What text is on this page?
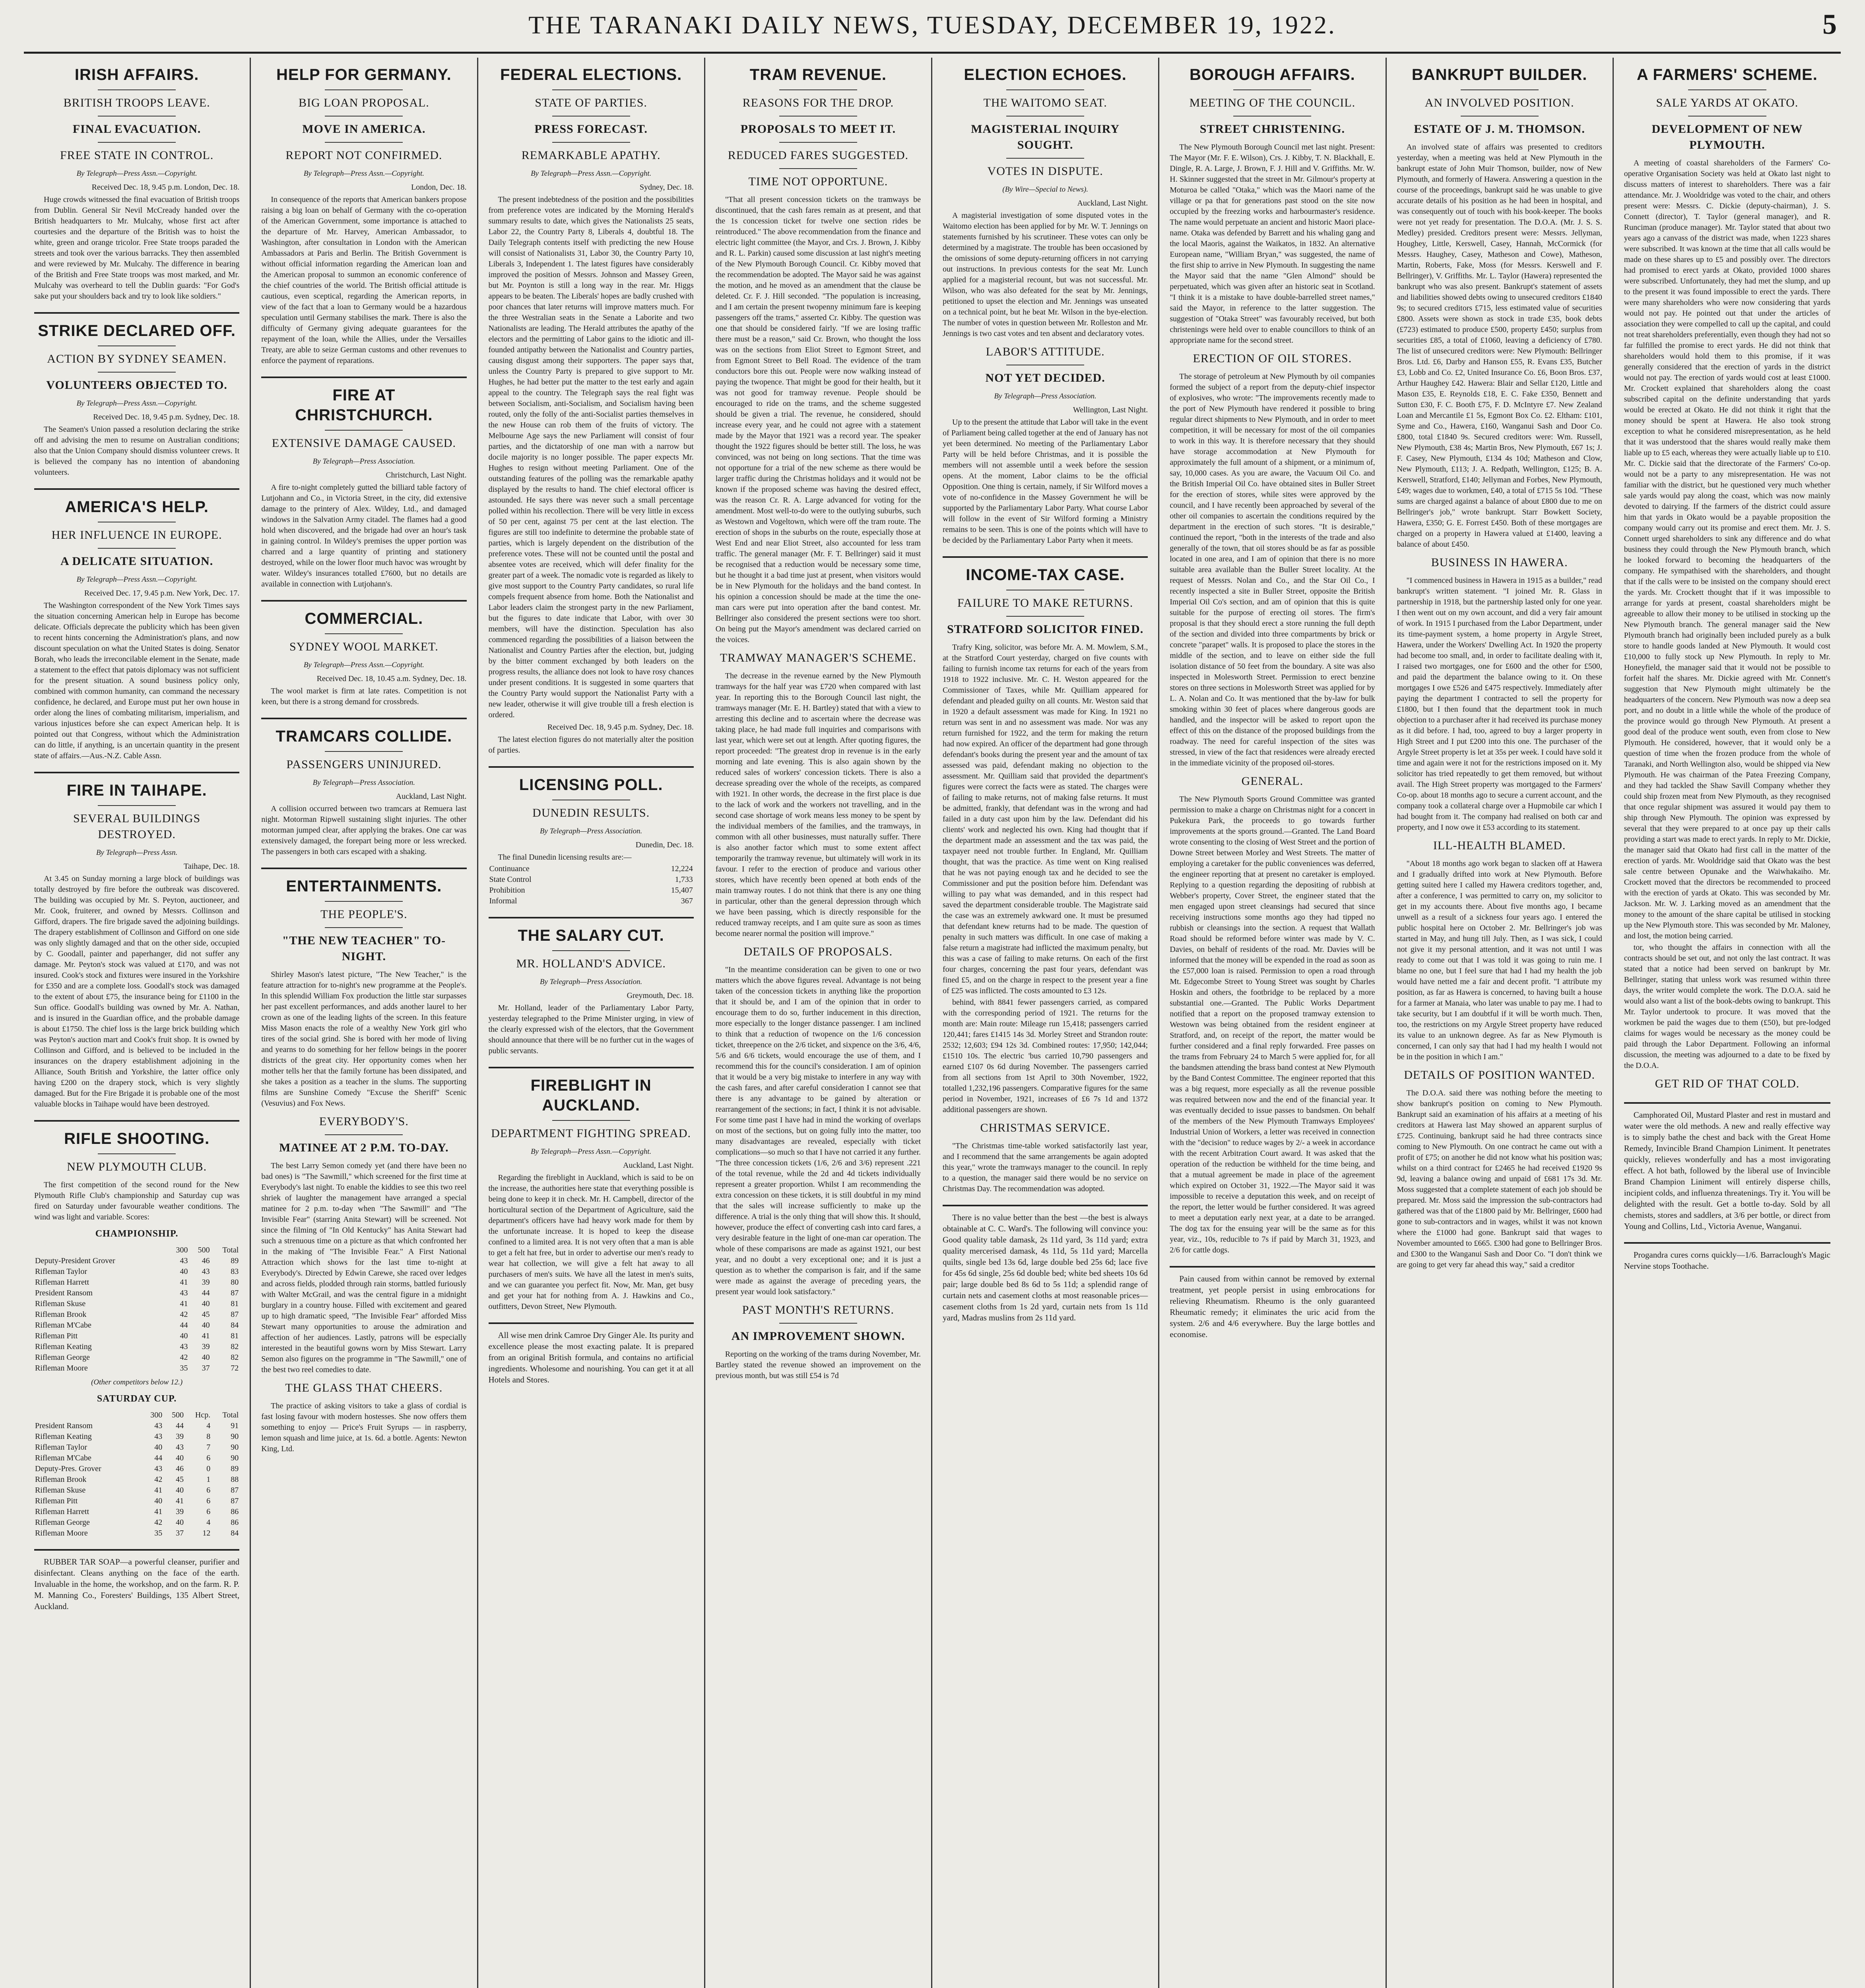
THE TARANAKI DAILY NEWS, TUESDAY, DECEMBER 19, 1922.	5
IRISH AFFAIRS.
BRITISH TROOPS LEAVE.
FINAL EVACUATION.
FREE STATE IN CONTROL.
By Telegraph—Press Assn.—Copyright.
Received Dec. 18, 9.45 p.m. London, Dec. 18.

Huge crowds witnessed the final evacuation of British troops from Dublin. General Sir Nevil McCready handed over the British headquarters to Mr. Mulcahy, whose first act after courtesies and the departure of the British was to hoist the white, green and orange tricolor. Free State troops paraded the streets and took over the various barracks. They then assembled and were reviewed by Mr. Mulcahy. The difference in bearing of the British and Free State troops was most marked, and Mr. Mulcahy was overheard to tell the Dublin guards: "For God's sake put your shoulders back and try to look like soldiers."

STRIKE DECLARED OFF.
ACTION BY SYDNEY SEAMEN.
VOLUNTEERS OBJECTED TO.
By Telegraph—Press Assn.—Copyright.
Received Dec. 18, 9.45 p.m. Sydney, Dec. 18.

The Seamen's Union passed a resolution declaring the strike off and advising the men to resume on Australian conditions; also that the Union Company should dismiss volunteer crews. It is believed the company has no intention of abandoning volunteers.

AMERICA'S HELP.
HER INFLUENCE IN EUROPE.
A DELICATE SITUATION.
By Telegraph—Press Assn.—Copyright.
Received Dec. 17, 9.45 p.m. New York, Dec. 17.

The Washington correspondent of the New York Times says the situation concerning American help in Europe has become delicate. Officials deprecate the publicity which has been given to recent hints concerning the Administration's plans, and now discount speculation on what the United States is doing. Senator Borah, who leads the irreconcilable element in the Senate, made a statement to the effect that patois diplomacy was not sufficient for the present situation. A sound business policy only, combined with common humanity, can command the necessary confidence, he declared, and Europe must put her own house in order along the lines of combating militarism, imperialism, and various injustices before she can expect American help. It is pointed out that Congress, without which the Administration can do little, if anything, is an uncertain quantity in the present state of affairs.—Aus.-N.Z. Cable Assn.

FIRE IN TAIHAPE.
SEVERAL BUILDINGS DESTROYED.
By Telegraph—Press Assn.
Taihape, Dec. 18.

At 3.45 on Sunday morning a large block of buildings was totally destroyed by fire before the outbreak was discovered. The building was occupied by Mr. S. Peyton, auctioneer, and Mr. Cook, fruiterer, and owned by Messrs. Collinson and Gifford, drapers. The fire brigade saved the adjoining buildings. The drapery establishment of Collinson and Gifford on one side was only slightly damaged and that on the other side, occupied by C. Goodall, painter and paperhanger, did not suffer any damage. Mr. Peyton's stock was valued at £170, and was not insured. Cook's stock and fixtures were insured in the Yorkshire for £350 and are a complete loss. Goodall's stock was damaged to the extent of about £75, the insurance being for £1100 in the Sun office. Goodall's building was owned by Mr. A. Nathan, and is insured in the Guardian office, and the probable damage is about £1750. The chief loss is the large brick building which was Peyton's auction mart and Cook's fruit shop. It is owned by Collinson and Gifford, and is believed to be included in the insurances on the drapery establishment adjoining in the Alliance, South British and Yorkshire, the latter office only having £200 on the drapery stock, which is very slightly damaged. But for the Fire Brigade it is probable one of the most valuable blocks in Taihape would have been destroyed.

RIFLE SHOOTING.
NEW PLYMOUTH CLUB.

The first competition of the second round for the New Plymouth Rifle Club's championship and Saturday cup was fired on Saturday under favourable weather conditions. The wind was light and variable. Scores:

CHAMPIONSHIP.
	300	500	Total
Deputy-President Grover	43	46	89
Rifleman Taylor	40	43	83
Rifleman Harrett	41	39	80
President Ransom	43	44	87
Rifleman Skuse	41	40	81
Rifleman Brook	42	45	87
Rifleman M'Cabe	44	40	84
Rifleman Pitt	40	41	81
Rifleman Keating	43	39	82
Rifleman George	42	40	82
Rifleman Moore	35	37	72
(Other competitors below 12.)
SATURDAY CUP.
	300	500	Hcp.	Total
President Ransom	43	44	4	91
Rifleman Keating	43	39	8	90
Rifleman Taylor	40	43	7	90
Rifleman M'Cabe	44	40	6	90
Deputy-Pres. Grover	43	46	0	89
Rifleman Brook	42	45	1	88
Rifleman Skuse	41	40	6	87
Rifleman Pitt	40	41	6	87
Rifleman Harrett	41	39	6	86
Rifleman George	42	40	4	86
Rifleman Moore	35	37	12	84

RUBBER TAR SOAP—a powerful cleanser, purifier and disinfectant. Cleans anything on the face of the earth. Invaluable in the home, the workshop, and on the farm. R. P. M. Manning Co., Foresters' Buildings, 135 Albert Street, Auckland.

HELP FOR GERMANY.
BIG LOAN PROPOSAL.
MOVE IN AMERICA.
REPORT NOT CONFIRMED.
By Telegraph—Press Assn.—Copyright.
London, Dec. 18.

In consequence of the reports that American bankers propose raising a big loan on behalf of Germany with the co-operation of the American Government, some importance is attached to the departure of Mr. Harvey, American Ambassador, to Washington, after consultation in London with the American Ambassadors at Paris and Berlin. The British Government is without official information regarding the American loan and the American proposal to summon an economic conference of the chief countries of the world. The British official attitude is cautious, even sceptical, regarding the American reports, in view of the fact that a loan to Germany would be a hazardous speculation until Germany stabilises the mark. There is also the difficulty of Germany giving adequate guarantees for the repayment of the loan, while the Allies, under the Versailles Treaty, are able to seize German customs and other revenues to enforce the payment of reparations.

FIRE AT CHRISTCHURCH.
EXTENSIVE DAMAGE CAUSED.
By Telegraph—Press Association.
Christchurch, Last Night.

A fire to-night completely gutted the billiard table factory of Lutjohann and Co., in Victoria Street, in the city, did extensive damage to the printery of Alex. Wildey, Ltd., and damaged windows in the Salvation Army citadel. The flames had a good hold when discovered, and the brigade had over an hour's task in gaining control. In Wildey's premises the upper portion was charred and a large quantity of printing and stationery destroyed, while on the lower floor much havoc was wrought by water. Wildey's insurances totalled £7600, but no details are available in connection with Lutjohann's.

COMMERCIAL.
SYDNEY WOOL MARKET.
By Telegraph—Press Assn.—Copyright.
Received Dec. 18, 10.45 a.m. Sydney, Dec. 18.

The wool market is firm at late rates. Competition is not keen, but there is a strong demand for crossbreds.

TRAMCARS COLLIDE.
PASSENGERS UNINJURED.
By Telegraph—Press Association.
Auckland, Last Night.

A collision occurred between two tramcars at Remuera last night. Motorman Ripwell sustaining slight injuries. The other motorman jumped clear, after applying the brakes. One car was extensively damaged, the forepart being more or less wrecked. The passengers in both cars escaped with a shaking.

ENTERTAINMENTS.
THE PEOPLE'S.
"THE NEW TEACHER" TO-NIGHT.

Shirley Mason's latest picture, "The New Teacher," is the feature attraction for to-night's new programme at the People's. In this splendid William Fox production the little star surpasses her past excellent performances, and adds another laurel to her crown as one of the leading lights of the screen. In this feature Miss Mason enacts the role of a wealthy New York girl who tires of the social grind. She is bored with her mode of living and yearns to do something for her fellow beings in the poorer districts of the great city. Her opportunity comes when her mother tells her that the family fortune has been dissipated, and she takes a position as a teacher in the slums. The supporting films are Sunshine Comedy "Excuse the Sheriff" Scenic (Vesuvius) and Fox News.

EVERYBODY'S.
MATINEE AT 2 P.M. TO-DAY.

The best Larry Semon comedy yet (and there have been no bad ones) is "The Sawmill," which screened for the first time at Everybody's last night. To enable the kiddies to see this two reel shriek of laughter the management have arranged a special matinee for 2 p.m. to-day when "The Sawmill" and "The Invisible Fear" (starring Anita Stewart) will be screened. Not since the filming of "In Old Kentucky" has Anita Stewart had such a strenuous time on a picture as that which confronted her in the making of "The Invisible Fear." A First National Attraction which shows for the last time to-night at Everybody's. Directed by Edwin Carewe, she raced over ledges and across fields, plodded through rain storms, battled furiously with Walter McGrail, and was the central figure in a midnight burglary in a country house. Filled with excitement and geared up to high dramatic speed, "The Invisible Fear" afforded Miss Stewart many opportunities to arouse the admiration and affection of her audiences. Lastly, patrons will be especially interested in the beautiful gowns worn by Miss Stewart. Larry Semon also figures on the programme in "The Sawmill," one of the best two reel comedies to date.

THE GLASS THAT CHEERS.

The practice of asking visitors to take a glass of cordial is fast losing favour with modern hostesses. She now offers them something to enjoy — Price's Fruit Syrups — in raspberry, lemon squash and lime juice, at 1s. 6d. a bottle. Agents: Newton King, Ltd.

FEDERAL ELECTIONS.
STATE OF PARTIES.
PRESS FORECAST.
REMARKABLE APATHY.
By Telegraph—Press Assn.—Copyright.
Sydney, Dec. 18.

The present indebtedness of the position and the possibilities from preference votes are indicated by the Morning Herald's summary results to date, which gives the Nationalists 25 seats, Labor 22, the Country Party 8, Liberals 4, doubtful 18. The Daily Telegraph contents itself with predicting the new House will consist of Nationalists 31, Labor 30, the Country Party 10, Liberals 3, Independent 1. The latest figures have considerably improved the position of Messrs. Johnson and Massey Green, but Mr. Poynton is still a long way in the rear. Mr. Higgs appears to be beaten. The Liberals' hopes are badly crushed with poor chances that later returns will improve matters much. For the three Westralian seats in the Senate a Laborite and two Nationalists are leading. The Herald attributes the apathy of the electors and the permitting of Labor gains to the idiotic and ill-founded antipathy between the Nationalist and Country parties, causing disgust among their supporters. The paper says that, unless the Country Party is prepared to give support to Mr. Hughes, he had better put the matter to the test early and again appeal to the country. The Telegraph says the real fight was between Socialism, anti-Socialism, and Socialism having been routed, only the folly of the anti-Socialist parties themselves in the new House can rob them of the fruits of victory. The Melbourne Age says the new Parliament will consist of four parties, and the dictatorship of one man with a narrow but docile majority is no longer possible. The paper expects Mr. Hughes to resign without meeting Parliament. One of the outstanding features of the polling was the remarkable apathy displayed by the results to hand. The chief electoral officer is astounded. He says there was never such a small percentage polled within his recollection. There will be very little in excess of 50 per cent, against 75 per cent at the last election. The figures are still too indefinite to determine the probable state of parties, which is largely dependent on the distribution of the preference votes. These will not be counted until the postal and absentee votes are received, which will defer finality for the greater part of a week. The nomadic vote is regarded as likely to give most support to the Country Party candidates, so rural life compels frequent absence from home. Both the Nationalist and Labor leaders claim the strongest party in the new Parliament, but the figures to date indicate that Labor, with over 30 members, will have the distinction. Speculation has also commenced regarding the possibilities of a liaison between the Nationalist and Country Parties after the election, but, judging by the bitter comment exchanged by both leaders on the progress results, the alliance does not look to have rosy chances under present conditions. It is suggested in some quarters that the Country Party would support the Nationalist Party with a new leader, otherwise it will give trouble till a fresh election is ordered.

Received Dec. 18, 9.45 p.m. Sydney, Dec. 18.

The latest election figures do not materially alter the position of parties.

LICENSING POLL.
DUNEDIN RESULTS.
By Telegraph—Press Association.
Dunedin, Dec. 18.

The final Dunedin licensing results are:—

Continuance	12,224
State Control	1,733
Prohibition	15,407
Informal	367
THE SALARY CUT.
MR. HOLLAND'S ADVICE.
By Telegraph—Press Association.
Greymouth, Dec. 18.

Mr. Holland, leader of the Parliamentary Labor Party, yesterday telegraphed to the Prime Minister urging, in view of the clearly expressed wish of the electors, that the Government should announce that there will be no further cut in the wages of public servants.

FIREBLIGHT IN AUCKLAND.
DEPARTMENT FIGHTING SPREAD.
By Telegraph—Press Assn.—Copyright.
Auckland, Last Night.

Regarding the fireblight in Auckland, which is said to be on the increase, the authorities here state that everything possible is being done to keep it in check. Mr. H. Campbell, director of the horticultural section of the Department of Agriculture, said the department's officers have had heavy work made for them by the unfortunate increase. It is hoped to keep the disease confined to a limited area. It is not very often that a man is able to get a felt hat free, but in order to advertise our men's ready to wear hat collection, we will give a felt hat away to all purchasers of men's suits. We have all the latest in men's suits, and we can guarantee you perfect fit. Now, Mr. Man, get busy and get your hat for nothing from A. J. Hawkins and Co., outfitters, Devon Street, New Plymouth.

All wise men drink Camroe Dry Ginger Ale. Its purity and excellence please the most exacting palate. It is prepared from an original British formula, and contains no artificial ingredients. Wholesome and nourishing. You can get it at all Hotels and Stores.

TRAM REVENUE.
REASONS FOR THE DROP.
PROPOSALS TO MEET IT.
REDUCED FARES SUGGESTED.
TIME NOT OPPORTUNE.

"That all present concession tickets on the tramways be discontinued, that the cash fares remain as at present, and that the 1s concession ticket for twelve one section rides be reintroduced." The above recommendation from the finance and electric light committee (the Mayor, and Crs. J. Brown, J. Kibby and R. L. Parkin) caused some discussion at last night's meeting of the New Plymouth Borough Council. Cr. Kibby moved that the recommendation be adopted. The Mayor said he was against the motion, and he moved as an amendment that the clause be deleted. Cr. F. J. Hill seconded. "The population is increasing, and I am certain the present twopenny minimum fare is keeping passengers off the trams," asserted Cr. Kibby. The question was one that should be considered fairly. "If we are losing traffic there must be a reason," said Cr. Brown, who thought the loss was on the sections from Eliot Street to Egmont Street, and from Egmont Street to Bell Road. The evidence of the tram conductors bore this out. People were now walking instead of paying the twopence. That might be good for their health, but it was not good for tramway revenue. People should be encouraged to ride on the trams, and the scheme suggested should be given a trial. The revenue, he considered, should increase every year, and he could not agree with a statement made by the Mayor that 1921 was a record year. The speaker thought the 1922 figures should be better still. The loss, he was convinced, was not being on long sections. That the time was not opportune for a trial of the new scheme as there would be larger traffic during the Christmas holidays and it would not be known if the proposed scheme was having the desired effect, was the reason Cr. R. A. Large advanced for voting for the amendment. Most well-to-do were to the outlying suburbs, such as Westown and Vogeltown, which were off the tram route. The erection of shops in the suburbs on the route, especially those at West End and near Eliot Street, also accounted for less tram traffic. The general manager (Mr. F. T. Bellringer) said it must be recognised that a reduction would be necessary some time, but he thought it a bad time just at present, when visitors would be in New Plymouth for the holidays and the band contest. In his opinion a concession should be made at the time the one-man cars were put into operation after the band contest. Mr. Bellringer also considered the present sections were too short. On being put the Mayor's amendment was declared carried on the voices.

TRAMWAY MANAGER'S SCHEME.

The decrease in the revenue earned by the New Plymouth tramways for the half year was £720 when compared with last year. In reporting this to the Borough Council last night, the tramways manager (Mr. E. H. Bartley) stated that with a view to arresting this decline and to ascertain where the decrease was taking place, he had made full inquiries and comparisons with last year, which were set out at length. After quoting figures, the report proceeded: "The greatest drop in revenue is in the early morning and late evening. This is also again shown by the reduced sales of workers' concession tickets. There is also a decrease spreading over the whole of the receipts, as compared with 1921. In other words, the decrease in the first place is due to the lack of work and the workers not travelling, and in the second case shortage of work means less money to be spent by the individual members of the families, and the tramways, in common with all other businesses, must naturally suffer. There is also another factor which must to some extent affect temporarily the tramway revenue, but ultimately will work in its favour. I refer to the erection of produce and various other stores, which have recently been opened at both ends of the main tramway routes. I do not think that there is any one thing in particular, other than the general depression through which we have been passing, which is directly responsible for the reduced tramway receipts, and I am quite sure as soon as times become nearer normal the position will improve."

DETAILS OF PROPOSALS.

"In the meantime consideration can be given to one or two matters which the above figures reveal. Advantage is not being taken of the concession tickets in anything like the proportion that it should be, and I am of the opinion that in order to encourage them to do so, further inducement in this direction, more especially to the longer distance passenger. I am inclined to think that a reduction of twopence on the 1/6 concession ticket, threepence on the 2/6 ticket, and sixpence on the 3/6, 4/6, 5/6 and 6/6 tickets, would encourage the use of them, and I recommend this for the council's consideration. I am of opinion that it would be a very big mistake to interfere in any way with the cash fares, and after careful consideration I cannot see that there is any advantage to be gained by alteration or rearrangement of the sections; in fact, I think it is not advisable. For some time past I have had in mind the working of overlaps on most of the sections, but on going fully into the matter, too many disadvantages are revealed, especially with ticket complications—so much so that I have not carried it any further. "The three concession tickets (1/6, 2/6 and 3/6) represent .221 of the total revenue, while the 2d and 4d tickets individually represent a greater proportion. Whilst I am recommending the extra concession on these tickets, it is still doubtful in my mind that the sales will increase sufficiently to make up the difference. A trial is the only thing that will show this. It should, however, produce the effect of converting cash into card fares, a very desirable feature in the light of one-man car operation. The whole of these comparisons are made as against 1921, our best year, and no doubt a very exceptional one; and it is just a question as to whether the comparison is fair, and if the same were made as against the average of preceding years, the present year would look satisfactory."

PAST MONTH'S RETURNS.
AN IMPROVEMENT SHOWN.

Reporting on the working of the trams during November, Mr. Bartley stated the revenue showed an improvement on the previous month, but was still £54 is 7d

ELECTION ECHOES.
THE WAITOMO SEAT.
MAGISTERIAL INQUIRY SOUGHT.
VOTES IN DISPUTE.
(By Wire—Special to News).
Auckland, Last Night.

A magisterial investigation of some disputed votes in the Waitomo election has been applied for by Mr. W. T. Jennings on statements furnished by his scrutineer. These votes can only be determined by a magistrate. The trouble has been occasioned by the omissions of some deputy-returning officers in not carrying out instructions. In previous contests for the seat Mr. Lunch applied for a magisterial recount, but was not successful. Mr. Wilson, who was also defeated for the seat by Mr. Jennings, petitioned to upset the election and Mr. Jennings was unseated on a technical point, but he beat Mr. Wilson in the bye-election. The number of votes in question between Mr. Rolleston and Mr. Jennings is two cast votes and ten absent and declaratory votes.

LABOR'S ATTITUDE.
NOT YET DECIDED.
By Telegraph—Press Association.
Wellington, Last Night.

Up to the present the attitude that Labor will take in the event of Parliament being called together at the end of January has not yet been determined. No meeting of the Parliamentary Labor Party will be held before Christmas, and it is possible the members will not assemble until a week before the session opens. At the moment, Labor claims to be the official Opposition. One thing is certain, namely, if Sir Wilford moves a vote of no-confidence in the Massey Government he will be supported by the Parliamentary Labor Party. What course Labor will follow in the event of Sir Wilford forming a Ministry remains to be seen. This is one of the points which will have to be decided by the Parliamentary Labor Party when it meets.

INCOME-TAX CASE.
FAILURE TO MAKE RETURNS.
STRATFORD SOLICITOR FINED.

Trafry King, solicitor, was before Mr. A. M. Mowlem, S.M., at the Stratford Court yesterday, charged on five counts with failing to furnish income tax returns for each of the years from 1918 to 1922 inclusive. Mr. C. H. Weston appeared for the Commissioner of Taxes, while Mr. Quilliam appeared for defendant and pleaded guilty on all counts. Mr. Weston said that in 1920 a default assessment was made for King. In 1921 no return was sent in and no assessment was made. Nor was any return furnished for 1922, and the term for making the return had now expired. An officer of the department had gone through defendant's books during the present year and the amount of tax assessed was paid, defendant making no objection to the assessment. Mr. Quilliam said that provided the department's figures were correct the facts were as stated. The charges were of failing to make returns, not of making false returns. It must be admitted, frankly, that defendant was in the wrong and had failed in a duty cast upon him by the law. Defendant did his clients' work and neglected his own. King had thought that if the department made an assessment and the tax was paid, the taxpayer need not trouble further. In England, Mr. Quilliam thought, that was the practice. As time went on King realised that he was not paying enough tax and he decided to see the Commissioner and put the position before him. Defendant was willing to pay what was demanded, and in this respect had saved the department considerable trouble. The Magistrate said the case was an extremely awkward one. It must be presumed that defendant knew returns had to be made. The question of penalty in such matters was difficult. In one case of making a false return a magistrate had inflicted the maximum penalty, but this was a case of failing to make returns. On each of the first four charges, concerning the past four years, defendant was fined £5, and on the charge in respect to the present year a fine of £25 was inflicted. The costs amounted to £3 12s.

behind, with 8841 fewer passengers carried, as compared with the corresponding period of 1921. The returns for the month are: Main route: Mileage run 15,418; passengers carried 120,441; fares £1415 14s 3d. Morley Street and Strandon route: 2532; 12,603; £94 12s 3d. Combined routes: 17,950; 142,044; £1510 10s. The electric 'bus carried 10,790 passengers and earned £107 0s 6d during November. The passengers carried from all sections from 1st April to 30th November, 1922, totalled 1,232,196 passengers. Comparative figures for the same period in November, 1921, increases of £6 7s 1d and 1372 additional passengers are shown.

CHRISTMAS SERVICE.

"The Christmas time-table worked satisfactorily last year, and I recommend that the same arrangements be again adopted this year," wrote the tramways manager to the council. In reply to a question, the manager said there would be no service on Christmas Day. The recommendation was adopted.

There is no value better than the best —the best is always obtainable at C. C. Ward's. The following will convince you: Good quality table damask, 2s 11d yard, 3s 11d yard; extra quality mercerised damask, 4s 11d, 5s 11d yard; Marcella quilts, single bed 13s 6d, large double bed 25s 6d; lace five for 45s 6d single, 25s 6d double bed; white bed sheets 10s 6d pair; large double bed 8s 6d to 5s 11d; a splendid range of curtain nets and casement cloths at most reasonable prices—casement cloths from 1s 2d yard, curtain nets from 1s 11d yard, Madras muslins from 2s 11d yard.

BOROUGH AFFAIRS.
MEETING OF THE COUNCIL.
STREET CHRISTENING.

The New Plymouth Borough Council met last night. Present: The Mayor (Mr. F. E. Wilson), Crs. J. Kibby, T. N. Blackhall, E. Dingle, R. A. Large, J. Brown, F. J. Hill and V. Griffiths. Mr. W. H. Skinner suggested that the street in Mr. Gilmour's property at Moturoa be called "Otaka," which was the Maori name of the village or pa that for generations past stood on the site now occupied by the freezing works and harbourmaster's residence. The name would perpetuate an ancient and historic Maori place-name. Otaka was defended by Barrett and his whaling gang and the local Maoris, against the Waikatos, in 1832. An alternative European name, "William Bryan," was suggested, the name of the first ship to arrive in New Plymouth. In suggesting the name the Mayor said that the name "Glen Almond" should be perpetuated, which was given after an historic seat in Scotland. "I think it is a mistake to have double-barrelled street names," said the Mayor, in reference to the latter suggestion. The suggestion of "Otaka Street" was favourably received, but both christenings were held over to enable councillors to think of an appropriate name for the second street.

ERECTION OF OIL STORES.

The storage of petroleum at New Plymouth by oil companies formed the subject of a report from the deputy-chief inspector of explosives, who wrote: "The improvements recently made to the port of New Plymouth have rendered it possible to bring regular direct shipments to New Plymouth, and in order to meet competition, it will be necessary for most of the oil companies to work in this way. It is therefore necessary that they should have storage accommodation at New Plymouth for approximately the full amount of a shipment, or a minimum of, say, 10,000 cases. As you are aware, the Vacuum Oil Co. and the British Imperial Oil Co. have obtained sites in Buller Street for the erection of stores, while sites were approved by the council, and I have recently been approached by several of the other oil companies to ascertain the conditions required by the department in the erection of such stores. "It is desirable," continued the report, "both in the interests of the trade and also generally of the town, that oil stores should be as far as possible located in one area, and I am of opinion that there is no more suitable area available than the Buller Street locality. At the request of Messrs. Nolan and Co., and the Star Oil Co., I recently inspected a site in Buller Street, opposite the British Imperial Oil Co's section, and am of opinion that this is quite suitable for the purpose of erecting oil stores. The firm's proposal is that they should erect a store running the full depth of the section and divided into three compartments by brick or concrete "parapet" walls. It is proposed to place the stores in the middle of the section, and to leave on either side the full isolation distance of 50 feet from the boundary. A site was also inspected in Molesworth Street. Permission to erect benzine stores on three sections in Molesworth Street was applied for by L. A. Nolan and Co. It was mentioned that the by-law for bulk smoking within 30 feet of places where dangerous goods are handled, and the inspector will be asked to report upon the effect of this on the distance of the proposed buildings from the roadway. The need for careful inspection of the sites was stressed, in view of the fact that residences were already erected in the immediate vicinity of the proposed oil-stores.

GENERAL.

The New Plymouth Sports Ground Committee was granted permission to make a charge on Christmas night for a concert in Pukekura Park, the proceeds to go towards further improvements at the sports ground.—Granted. The Land Board wrote consenting to the closing of West Street and the portion of Downe Street between Morley and West Streets. The matter of employing a caretaker for the public conveniences was deferred, the engineer reporting that at present no caretaker is employed. Replying to a question regarding the depositing of rubbish at Webber's property, Cover Street, the engineer stated that the men engaged upon street cleansings had secured that since receiving instructions some months ago they had tipped no rubbish or cleansings into the section. A request that Wallath Road should be reformed before winter was made by V. C. Davies, on behalf of residents of the road. Mr. Davies will be informed that the money will be expended in the road as soon as the £57,000 loan is raised. Permission to open a road through Mt. Edgecombe Street to Young Street was sought by Charles Hoskin and others, the footbridge to be replaced by a more substantial one.—Granted. The Public Works Department notified that a report on the proposed tramway extension to Westown was being obtained from the resident engineer at Stratford, and, on receipt of the report, the matter would be further considered and a final reply forwarded. Free passes on the trams from February 24 to March 5 were applied for, for all the bandsmen attending the brass band contest at New Plymouth by the Band Contest Committee. The engineer reported that this was a big request, more especially as all the revenue possible was required between now and the end of the financial year. It was eventually decided to issue passes to bandsmen. On behalf of the members of the New Plymouth Tramways Employees' Industrial Union of Workers, a letter was received in connection with the "decision" to reduce wages by 2/- a week in accordance with the recent Arbitration Court award. It was asked that the operation of the reduction be withheld for the time being, and that a mutual agreement be made in place of the agreement which expired on October 31, 1922.—The Mayor said it was impossible to receive a deputation this week, and on receipt of the report, the letter would be further considered. It was agreed to meet a deputation early next year, at a date to be arranged. The dog tax for the ensuing year will be the same as for this year, viz., 10s, reducible to 7s if paid by March 31, 1923, and 2/6 for cattle dogs.

Pain caused from within cannot be removed by external treatment, yet people persist in using embrocations for relieving Rheumatism. Rheumo is the only guaranteed Rheumatic remedy; it eliminates the uric acid from the system. 2/6 and 4/6 everywhere. Buy the large bottles and economise.

BANKRUPT BUILDER.
AN INVOLVED POSITION.
ESTATE OF J. M. THOMSON.

An involved state of affairs was presented to creditors yesterday, when a meeting was held at New Plymouth in the bankrupt estate of John Muir Thomson, builder, now of New Plymouth, and formerly of Hawera. Answering a question in the course of the proceedings, bankrupt said he was unable to give accurate details of his position as he had been in hospital, and was consequently out of touch with his book-keeper. The books were not yet ready for presentation. The D.O.A. (Mr. J. S. S. Medley) presided. Creditors present were: Messrs. Jellyman, Houghey, Little, Kerswell, Casey, Hannah, McCormick (for Messrs. Haughey, Casey, Matheson and Cowe), Matheson, Martin, Roberts, Fake, Moss (for Messrs. Kerswell and F. Bellringer), V. Griffiths. Mr. L. Taylor (Hawera) represented the bankrupt who was also present. Bankrupt's statement of assets and liabilities showed debts owing to unsecured creditors £1840 9s; to secured creditors £715, less estimated value of securities £800. Assets were shown as stock in trade £35, book debts (£723) estimated to produce £500, property £450; surplus from securities £85, a total of £1060, leaving a deficiency of £780. The list of unsecured creditors were: New Plymouth: Bellringer Bros. Ltd. £6, Darby and Hanson £55, R. Evans £35, Butcher £3, Lobb and Co. £2, United Insurance Co. £6, Boon Bros. £37, Arthur Haughey £42. Hawera: Blair and Sellar £120, Little and Mason £35, E. Reynolds £18, E. C. Fake £350, Bennett and Sutton £30, F. C. Booth £75, F. D. McIntyre £7. New Zealand Loan and Mercantile £1 5s, Egmont Box Co. £2. Eltham: £101, Syme and Co., Hawera, £160, Wanganui Sash and Door Co. £800, total £1840 9s. Secured creditors were: Wm. Russell, New Plymouth, £38 4s; Martin Bros, New Plymouth, £67 1s; J. F. Casey, New Plymouth, £134 4s 10d; Matheson and Clow, New Plymouth, £113; J. A. Redpath, Wellington, £125; B. A. Kerswell, Stratford, £140; Jellyman and Forbes, New Plymouth, £49; wages due to workmen, £40, a total of £715 5s 10d. "These sums are charged against a balance of about £800 due to me on Bellringer's job," wrote bankrupt. Starr Bowkett Society, Hawera, £350; G. E. Forrest £450. Both of these mortgages are charged on a property in Hawera valued at £1400, leaving a balance of about £450.

BUSINESS IN HAWERA.

"I commenced business in Hawera in 1915 as a builder," read bankrupt's written statement. "I joined Mr. R. Glass in partnership in 1918, but the partnership lasted only for one year. I then went out on my own account, and did a very fair amount of work. In 1915 I purchased from the Labor Department, under its time-payment system, a home property in Argyle Street, Hawera, under the Workers' Dwelling Act. In 1920 the property had become too small, and, in order to facilitate dealing with it, I raised two mortgages, one for £600 and the other for £500, and paid the department the balance owing to it. On these mortgages I owe £526 and £475 respectively. Immediately after paying the department I contracted to sell the property for £1800, but I then found that the department took in much objection to a purchaser after it had received its purchase money as it did before. I had, too, agreed to buy a larger property in High Street and I put £200 into this one. The purchaser of the Argyle Street property is let at 35s per week. I could have sold it time and again were it not for the restrictions imposed on it. My solicitor has tried repeatedly to get them removed, but without avail. The High Street property was mortgaged to the Farmers' Co-op. about 18 months ago to secure a current account, and the company took a collateral charge over a Hupmobile car which I had bought from it. The company had realised on both car and property, and I now owe it £53 according to its statement.

ILL-HEALTH BLAMED.

"About 18 months ago work began to slacken off at Hawera and I gradually drifted into work at New Plymouth. Before getting suited here I called my Hawera creditors together, and, after a conference, I was permitted to carry on, my solicitor to get in my accounts there. About five months ago, I became unwell as a result of a sickness four years ago. I entered the public hospital here on October 2. Mr. Bellringer's job was started in May, and hung till July. Then, as I was sick, I could not give it my personal attention, and it was not until I was ready to come out that I was told it was going to ruin me. I blame no one, but I feel sure that had I had my health the job would have netted me a fair and decent profit. "I attribute my position, as far as Hawera is concerned, to having built a house for a farmer at Manaia, who later was unable to pay me. I had to take security, but I am doubtful if it will be worth much. Then, too, the restrictions on my Argyle Street property have reduced its value to an unknown degree. As far as New Plymouth is concerned, I can only say that had I had my health I would not be in the position in which I am."

DETAILS OF POSITION WANTED.

The D.O.A. said there was nothing before the meeting to show bankrupt's position on coming to New Plymouth. Bankrupt said an examination of his affairs at a meeting of his creditors at Hawera last May showed an apparent surplus of £725. Continuing, bankrupt said he had three contracts since coming to New Plymouth. On one contract he came out with a profit of £75; on another he did not know what his position was; whilst on a third contract for £2465 he had received £1920 9s 9d, leaving a balance owing and unpaid of £681 17s 3d. Mr. Moss suggested that a complete statement of each job should be prepared. Mr. Moss said the impression the sub-contractors had gathered was that of the £1800 paid by Mr. Bellringer, £600 had gone to sub-contractors and in wages, whilst it was not known where the £1000 had gone. Bankrupt said that wages to November amounted to £665. £300 had gone to Bellringer Bros. and £300 to the Wanganui Sash and Door Co. "I don't think we are going to get very far ahead this way," said a creditor

A FARMERS' SCHEME.
SALE YARDS AT OKATO.
DEVELOPMENT OF NEW PLYMOUTH.

A meeting of coastal shareholders of the Farmers' Co-operative Organisation Society was held at Okato last night to discuss matters of interest to shareholders. There was a fair attendance. Mr. J. Wooldridge was voted to the chair, and others present were: Messrs. C. Dickie (deputy-chairman), J. S. Connett (director), T. Taylor (general manager), and R. Runciman (produce manager). Mr. Taylor stated that about two years ago a canvass of the district was made, when 1223 shares were subscribed. It was known at the time that all calls would be made on these shares up to £5 and possibly over. The directors had promised to erect yards at Okato, provided 1000 shares were subscribed. Unfortunately, they had met the slump, and up to the present it was found impossible to erect the yards. There were many shareholders who were now considering that yards would not pay. He pointed out that under the articles of association they were compelled to call up the capital, and could not treat shareholders preferentially, even though they had not so far fulfilled the promise to erect yards. He did not think that shareholders would hold them to this promise, if it was generally considered that the erection of yards in the district would not pay. The erection of yards would cost at least £1000. Mr. Crockett explained that shareholders along the coast subscribed capital on the definite understanding that yards would be erected at Okato. He did not think it right that the money should be spent at Hawera. He also took strong exception to what he considered misrepresentation, as he held that it was understood that the shares would really make them liable up to £5 each, whereas they were actually liable up to £10. Mr. C. Dickie said that the directorate of the Farmers' Co-op. would not be a party to any misrepresentation. He was not familiar with the district, but he questioned very much whether sale yards would pay along the coast, which was now mainly devoted to dairying. If the farmers of the district could assure him that yards in Okato would be a payable proposition the company would carry out its promise and erect them. Mr. J. S. Connett urged shareholders to sink any difference and do what business they could through the New Plymouth branch, which he looked forward to becoming the headquarters of the company. He sympathised with the shareholders, and thought that if the calls were to be insisted on the company should erect the yards. Mr. Crockett thought that if it was impossible to arrange for yards at present, coastal shareholders might be agreeable to allow their money to be utilised in stocking up the New Plymouth branch. The general manager said the New Plymouth branch had originally been included purely as a bulk store to handle goods landed at New Plymouth. It would cost £10,000 to fully stock up New Plymouth. In reply to Mr. Honeyfield, the manager said that it would not be possible to forfeit half the shares. Mr. Dickie agreed with Mr. Connett's suggestion that New Plymouth might ultimately be the headquarters of the concern. New Plymouth was now a deep sea port, and no doubt in a little while the whole of the produce of the province would go through New Plymouth. At present a good deal of the produce went south, even from close to New Plymouth. He considered, however, that it would only be a question of time when the frozen produce from the whole of Taranaki, and North Wellington also, would be shipped via New Plymouth. He was chairman of the Patea Freezing Company, and they had tackled the Shaw Savill Company whether they could ship frozen meat from New Plymouth, as they recognised that once regular shipment was assured it would pay them to ship through New Plymouth. The opinion was expressed by several that they were prepared to at once pay up their calls providing a start was made to erect yards. In reply to Mr. Dickie, the manager said that Okato had first call in the matter of the erection of yards. Mr. Wooldridge said that Okato was the best sale centre between Opunake and the Waiwhakaiho. Mr. Crockett moved that the directors be recommended to proceed with the erection of yards at Okato. This was seconded by Mr. Jackson. Mr. W. J. Larking moved as an amendment that the money to the amount of the share capital be utilised in stocking up the New Plymouth store. This was seconded by Mr. Maloney, and lost, the motion being carried.

tor, who thought the affairs in connection with all the contracts should be set out, and not only the last contract. It was stated that a notice had been served on bankrupt by Mr. Bellringer, stating that unless work was resumed within three days, the writer would complete the work. The D.O.A. said he would also want a list of the book-debts owing to bankrupt. This Mr. Taylor undertook to procure. It was moved that the workmen be paid the wages due to them (£50), but pre-lodged claims for wages would be necessary as the money could be paid through the Labor Department. Following an informal discussion, the meeting was adjourned to a date to be fixed by the D.O.A.

GET RID OF THAT COLD.

Camphorated Oil, Mustard Plaster and rest in mustard and water were the old methods. A new and really effective way is to simply bathe the chest and back with the Great Home Remedy, Invincible Brand Champion Liniment. It penetrates quickly, relieves wonderfully and has a most invigorating effect. A hot bath, followed by the liberal use of Invincible Brand Champion Liniment will entirely disperse chills, incipient colds, and influenza threatenings. Try it. You will be delighted with the result. Get a bottle to-day. Sold by all chemists, stores and saddlers, at 3/6 per bottle, or direct from Young and Collins, Ltd., Victoria Avenue, Wanganui.

Progandra cures corns quickly—1/6. Barraclough's Magic Nervine stops Toothache.
